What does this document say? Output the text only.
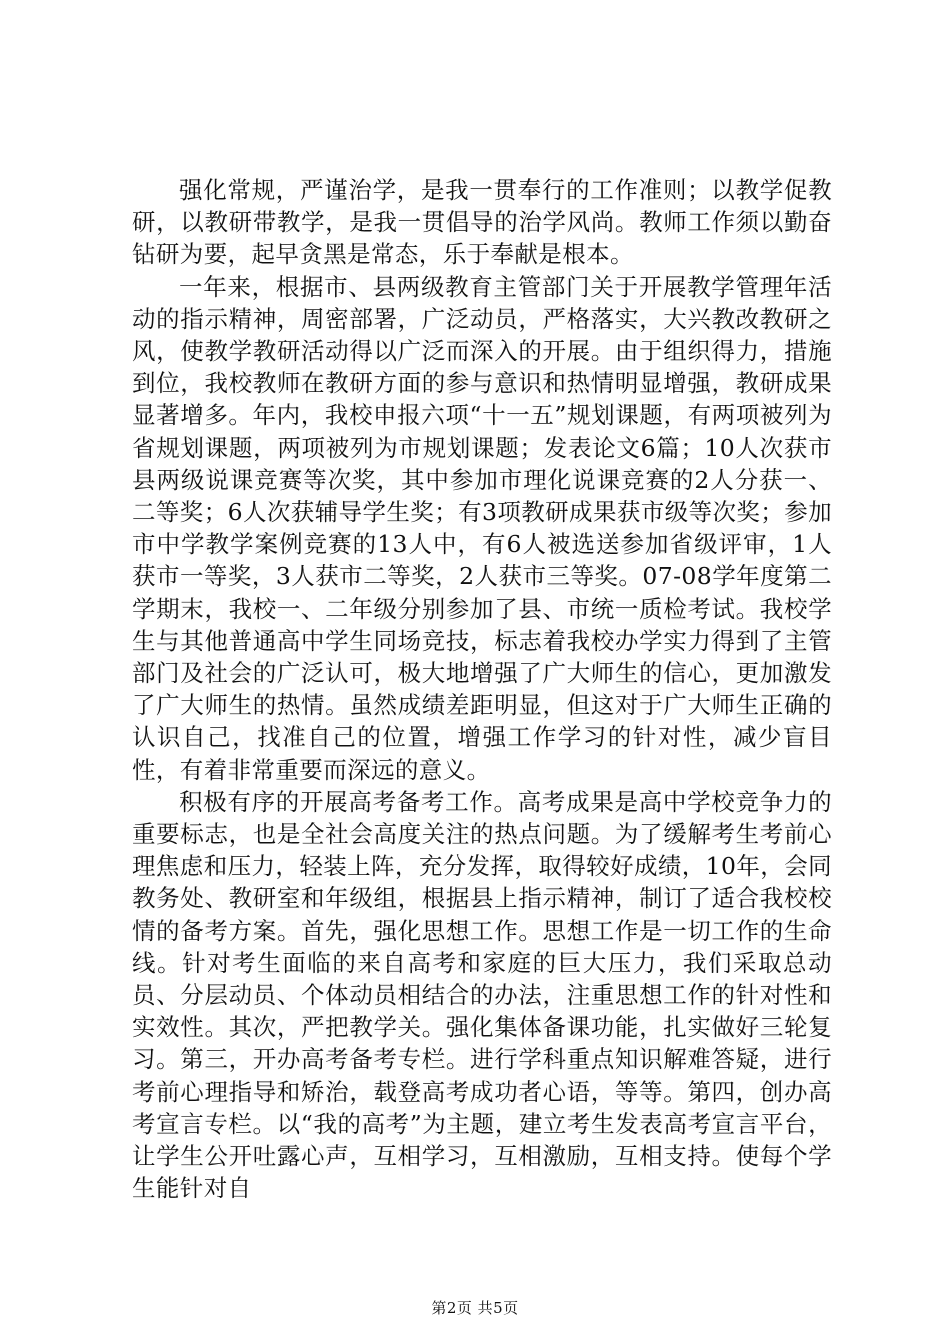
强化常规，严谨治学，是我一贯奉行的工作准则；以教学促教研，以教研带教学，是我一贯倡导的治学风尚。教师工作须以勤奋钻研为要，起早贪黑是常态，乐于奉献是根本。

一年来，根据市、县两级教育主管部门关于开展教学管理年活动的指示精神，周密部署，广泛动员，严格落实，大兴教改教研之风，使教学教研活动得以广泛而深入的开展。由于组织得力，措施到位，我校教师在教研方面的参与意识和热情明显增强，教研成果显著增多。年内，我校申报六项“十一五”规划课题，有两项被列为省规划课题，两项被列为市规划课题；发表论文6篇；10人次获市县两级说课竞赛等次奖，其中参加市理化说课竞赛的2人分获一、二等奖；6人次获辅导学生奖；有3项教研成果获市级等次奖；参加市中学教学案例竞赛的13人中，有6人被选送参加省级评审，1人获市一等奖，3人获市二等奖，2人获市三等奖。07-08学年度第二学期末，我校一、二年级分别参加了县、市统一质检考试。我校学生与其他普通高中学生同场竞技，标志着我校办学实力得到了主管部门及社会的广泛认可，极大地增强了广大师生的信心，更加激发了广大师生的热情。虽然成绩差距明显，但这对于广大师生正确的认识自己，找准自己的位置，增强工作学习的针对性，减少盲目性，有着非常重要而深远的意义。

积极有序的开展高考备考工作。高考成果是高中学校竞争力的重要标志，也是全社会高度关注的热点问题。为了缓解考生考前心理焦虑和压力，轻装上阵，充分发挥，取得较好成绩，10年，会同教务处、教研室和年级组，根据县上指示精神，制订了适合我校校情的备考方案。首先，强化思想工作。思想工作是一切工作的生命线。针对考生面临的来自高考和家庭的巨大压力，我们采取总动员、分层动员、个体动员相结合的办法，注重思想工作的针对性和实效性。其次，严把教学关。强化集体备课功能，扎实做好三轮复习。第三，开办高考备考专栏。进行学科重点知识解难答疑，进行考前心理指导和矫治，载登高考成功者心语，等等。第四，创办高考宣言专栏。以“我的高考”为主题，建立考生发表高考宣言平台，让学生公开吐露心声，互相学习，互相激励，互相支持。使每个学生能针对自

第2页 共5页
